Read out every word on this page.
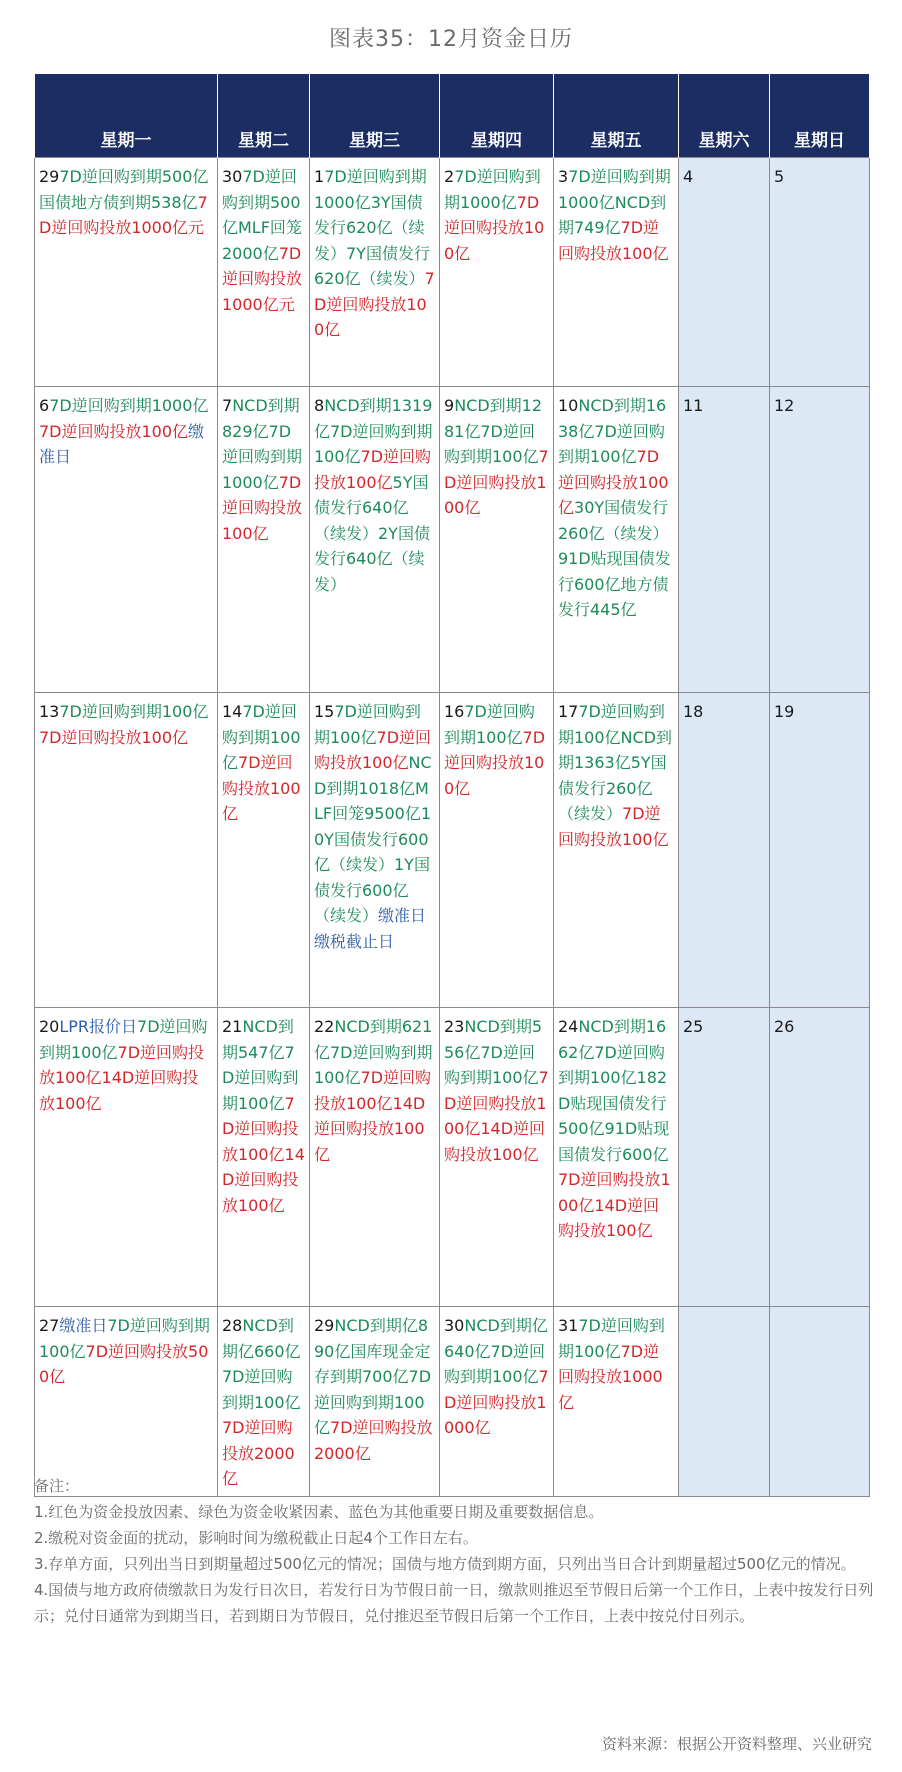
图表35：12月资金日历
星期一	星期二	星期三	星期四	星期五	星期六	星期日
297D逆回购到期500亿国债地方债到期538亿7D逆回购投放1000亿元	307D逆回购到期500亿MLF回笼2000亿7D逆回购投放1000亿元	17D逆回购到期1000亿3Y国债发行620亿（续发）7Y国债发行620亿（续发）7D逆回购投放100亿	27D逆回购到期1000亿7D逆回购投放100亿	37D逆回购到期1000亿NCD到期749亿7D逆回购投放100亿	4	5
67D逆回购到期1000亿7D逆回购投放100亿缴准日	7NCD到期829亿7D逆回购到期1000亿7D逆回购投放100亿	8NCD到期1319亿7D逆回购到期100亿7D逆回购投放100亿5Y国债发行640亿（续发）2Y国债发行640亿（续发）	9NCD到期1281亿7D逆回购到期100亿7D逆回购投放100亿	10NCD到期1638亿7D逆回购到期100亿7D逆回购投放100亿30Y国债发行260亿（续发）91D贴现国债发行600亿地方债发行445亿	11	12
137D逆回购到期100亿7D逆回购投放100亿	147D逆回购到期100亿7D逆回购投放100亿	157D逆回购到期100亿7D逆回购投放100亿NCD到期1018亿MLF回笼9500亿10Y国债发行600亿（续发）1Y国债发行600亿（续发）缴准日缴税截止日	167D逆回购到期100亿7D逆回购投放100亿	177D逆回购到期100亿NCD到期1363亿5Y国债发行260亿（续发）7D逆回购投放100亿	18	19
20LPR报价日7D逆回购到期100亿7D逆回购投放100亿14D逆回购投放100亿	21NCD到期547亿7D逆回购到期100亿7D逆回购投放100亿14D逆回购投放100亿	22NCD到期621亿7D逆回购到期100亿7D逆回购投放100亿14D逆回购投放100亿	23NCD到期556亿7D逆回购到期100亿7D逆回购投放100亿14D逆回购投放100亿	24NCD到期1662亿7D逆回购到期100亿182D贴现国债发行500亿91D贴现国债发行600亿7D逆回购投放100亿14D逆回购投放100亿	25	26
27缴准日7D逆回购到期100亿7D逆回购投放500亿	28NCD到期亿660亿7D逆回购到期100亿7D逆回购投放2000亿	29NCD到期亿890亿国库现金定存到期700亿7D逆回购到期100亿7D逆回购投放2000亿	30NCD到期亿640亿7D逆回购到期100亿7D逆回购投放1000亿	317D逆回购到期100亿7D逆回购投放1000亿		

备注：

1.红色为资金投放因素、绿色为资金收紧因素、蓝色为其他重要日期及重要数据信息。

2.缴税对资金面的扰动，影响时间为缴税截止日起4个工作日左右。

3.存单方面，只列出当日到期量超过500亿元的情况；国债与地方债到期方面，只列出当日合计到期量超过500亿元的情况。

4.国债与地方政府债缴款日为发行日次日，若发行日为节假日前一日，缴款则推迟至节假日后第一个工作日，上表中按发行日列示；兑付日通常为到期当日，若到期日为节假日，兑付推迟至节假日后第一个工作日，上表中按兑付日列示。

资料来源：根据公开资料整理、兴业研究
